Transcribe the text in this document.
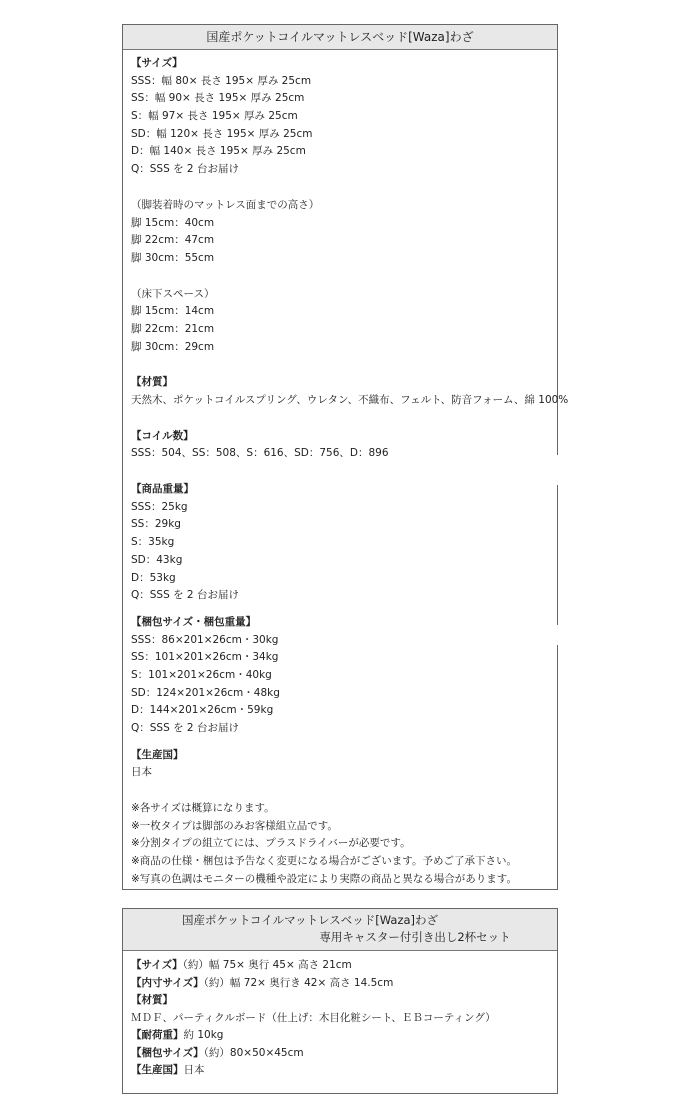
国産ポケットコイルマットレスベッド[Waza]わざ
【サイズ】
SSS：幅 80× 長さ 195× 厚み 25cm
SS：幅 90× 長さ 195× 厚み 25cm
S：幅 97× 長さ 195× 厚み 25cm
SD：幅 120× 長さ 195× 厚み 25cm
D：幅 140× 長さ 195× 厚み 25cm
Q：SSS を 2 台お届け
（脚装着時のマットレス面までの高さ）
脚 15cm：40cm
脚 22cm：47cm
脚 30cm：55cm
（床下スペース）
脚 15cm：14cm
脚 22cm：21cm
脚 30cm：29cm
【材質】
天然木、ポケットコイルスプリング、ウレタン、不織布、フェルト、防音フォーム、綿 100%
【コイル数】
SSS：504、SS：508、S：616、SD：756、D：896
【商品重量】
SSS：25kg
SS：29kg
S：35kg
SD：43kg
D：53kg
Q：SSS を 2 台お届け
【梱包サイズ・梱包重量】
SSS：86×201×26cm・30kg
SS：101×201×26cm・34kg
S：101×201×26cm・40kg
SD：124×201×26cm・48kg
D：144×201×26cm・59kg
Q：SSS を 2 台お届け
【生産国】
日本
※各サイズは概算になります。
※一枚タイプは脚部のみお客様組立品です。
※分割タイプの組立てには、プラスドライバーが必要です。
※商品の仕様・梱包は予告なく変更になる場合がございます。予めご了承下さい。
※写真の色調はモニターの機種や設定により実際の商品と異なる場合があります。
国産ポケットコイルマットレスベッド[Waza]わざ
専用キャスター付引き出し2杯セット
【サイズ】（約）幅 75× 奥行 45× 高さ 21cm
【内寸サイズ】（約）幅 72× 奥行き 42× 高さ 14.5cm
【材質】
ＭＤＦ、パーティクルボード（仕上げ：木目化粧シート、ＥＢコーティング）
【耐荷重】約 10kg
【梱包サイズ】（約）80×50×45cm
【生産国】日本
